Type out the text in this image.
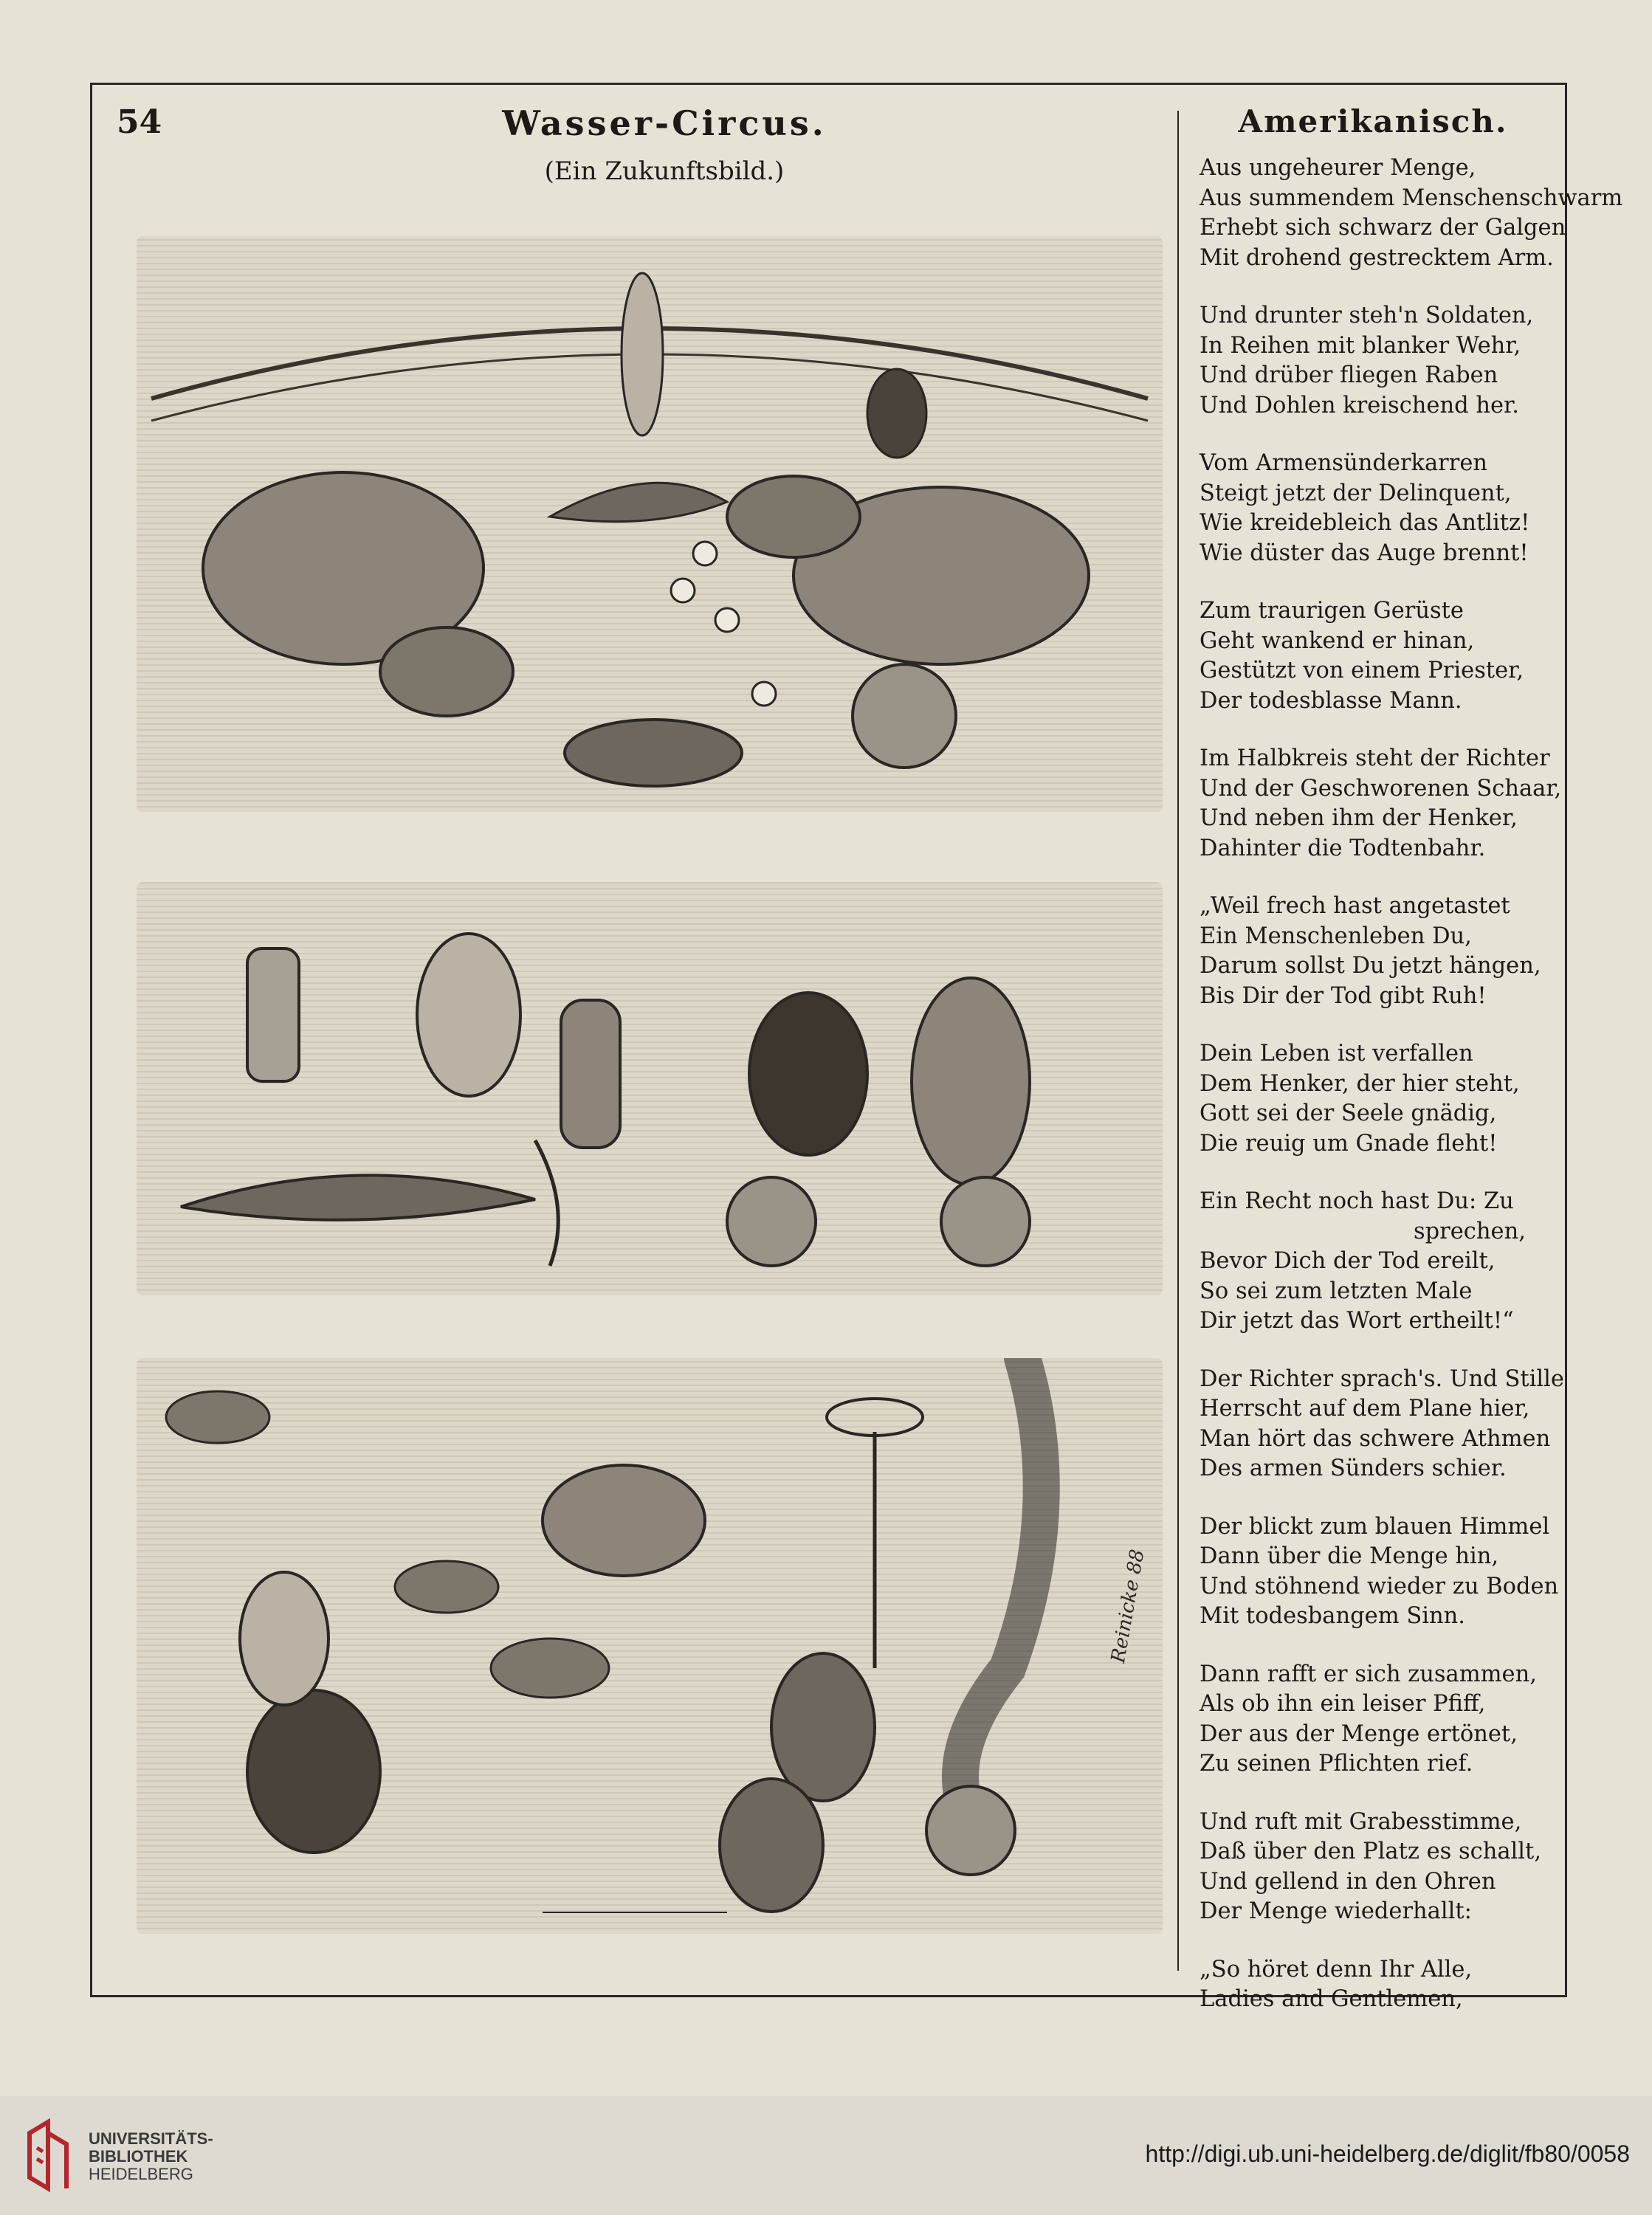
54	Wasser-Circus.
(Ein Zukunftsbild.)
Reinicke 88
Amerikanisch.
Aus ungeheurer Menge,
Aus summendem Menschenschwarm
Erhebt sich schwarz der Galgen
Mit drohend gestrecktem Arm.
Und drunter steh'n Soldaten,
In Reihen mit blanker Wehr,
Und drüber fliegen Raben
Und Dohlen kreischend her.
Vom Armensünderkarren
Steigt jetzt der Delinquent,
Wie kreidebleich das Antlitz!
Wie düster das Auge brennt!
Zum traurigen Gerüste
Geht wankend er hinan,
Gestützt von einem Priester,
Der todesblasse Mann.
Im Halbkreis steht der Richter
Und der Geschworenen Schaar,
Und neben ihm der Henker,
Dahinter die Todtenbahr.
„Weil frech hast angetastet
Ein Menschenleben Du,
Darum sollst Du jetzt hängen,
Bis Dir der Tod gibt Ruh!
Dein Leben ist verfallen
Dem Henker, der hier steht,
Gott sei der Seele gnädig,
Die reuig um Gnade fleht!
Ein Recht noch hast Du: Zu
sprechen,
Bevor Dich der Tod ereilt,
So sei zum letzten Male
Dir jetzt das Wort ertheilt!“
Der Richter sprach's. Und Stille
Herrscht auf dem Plane hier,
Man hört das schwere Athmen
Des armen Sünders schier.
Der blickt zum blauen Himmel
Dann über die Menge hin,
Und stöhnend wieder zu Boden
Mit todesbangem Sinn.
Dann rafft er sich zusammen,
Als ob ihn ein leiser Pfiff,
Der aus der Menge ertönet,
Zu seinen Pflichten rief.
Und ruft mit Grabesstimme,
Daß über den Platz es schallt,
Und gellend in den Ohren
Der Menge wiederhallt:
„So höret denn Ihr Alle,
Ladies and Gentlemen,
UNIVERSITÄTS-
BIBLIOTHEK
HEIDELBERG
http://digi.ub.uni-heidelberg.de/diglit/fb80/0058
